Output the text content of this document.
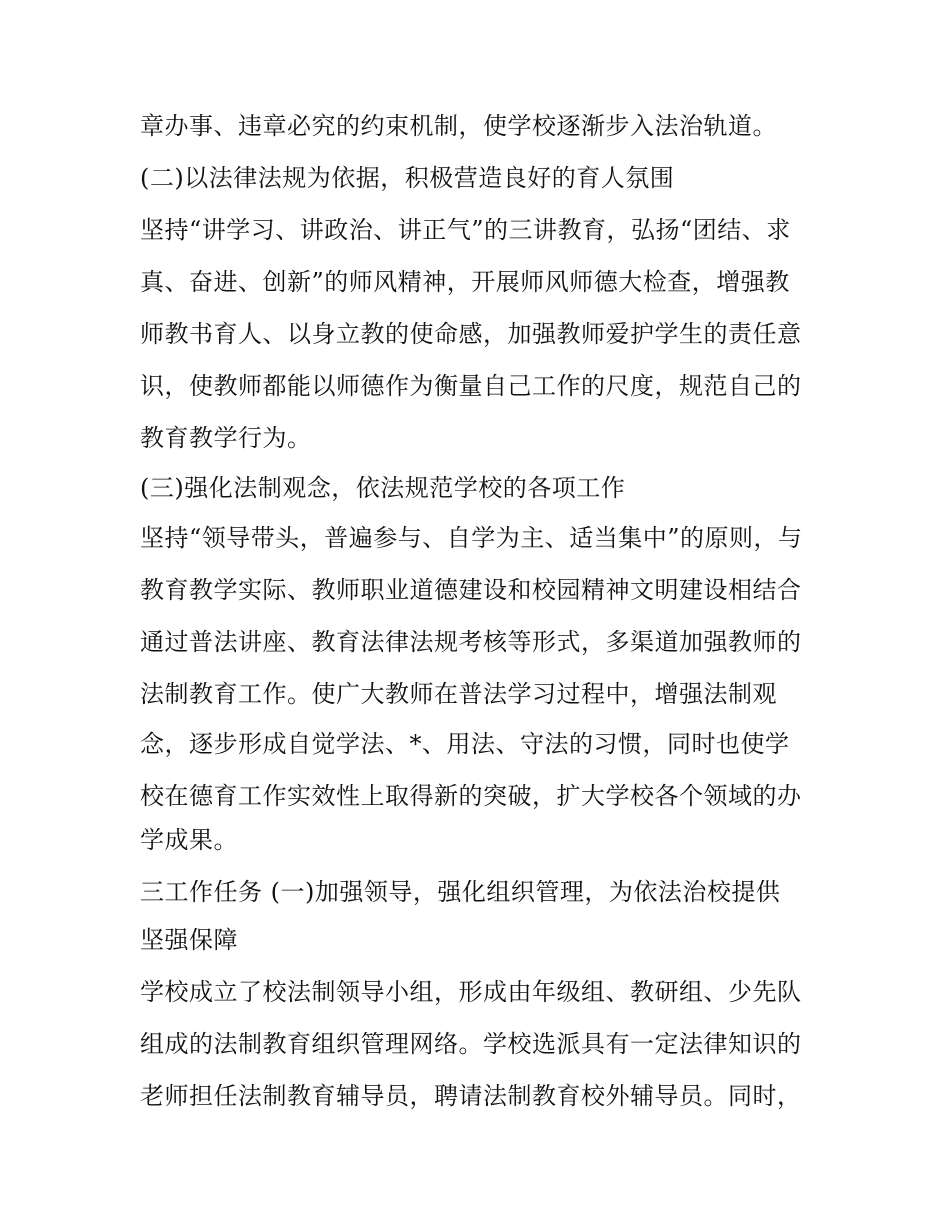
章办事、违章必究的约束机制，使学校逐渐步入法治轨道。
(二)以法律法规为依据，积极营造良好的育人氛围
坚持“讲学习、讲政治、讲正气”的三讲教育，弘扬“团结、求
真、奋进、创新”的师风精神，开展师风师德大检查，增强教
师教书育人、以身立教的使命感，加强教师爱护学生的责任意
识，使教师都能以师德作为衡量自己工作的尺度，规范自己的
教育教学行为。
(三)强化法制观念，依法规范学校的各项工作
坚持“领导带头，普遍参与、自学为主、适当集中”的原则，与
教育教学实际、教师职业道德建设和校园精神文明建设相结合
通过普法讲座、教育法律法规考核等形式，多渠道加强教师的
法制教育工作。使广大教师在普法学习过程中，增强法制观
念，逐步形成自觉学法、*、用法、守法的习惯，同时也使学
校在德育工作实效性上取得新的突破，扩大学校各个领域的办
学成果。
三工作任务 (一)加强领导，强化组织管理，为依法治校提供
坚强保障
学校成立了校法制领导小组，形成由年级组、教研组、少先队
组成的法制教育组织管理网络。学校选派具有一定法律知识的
老师担任法制教育辅导员，聘请法制教育校外辅导员。同时，
